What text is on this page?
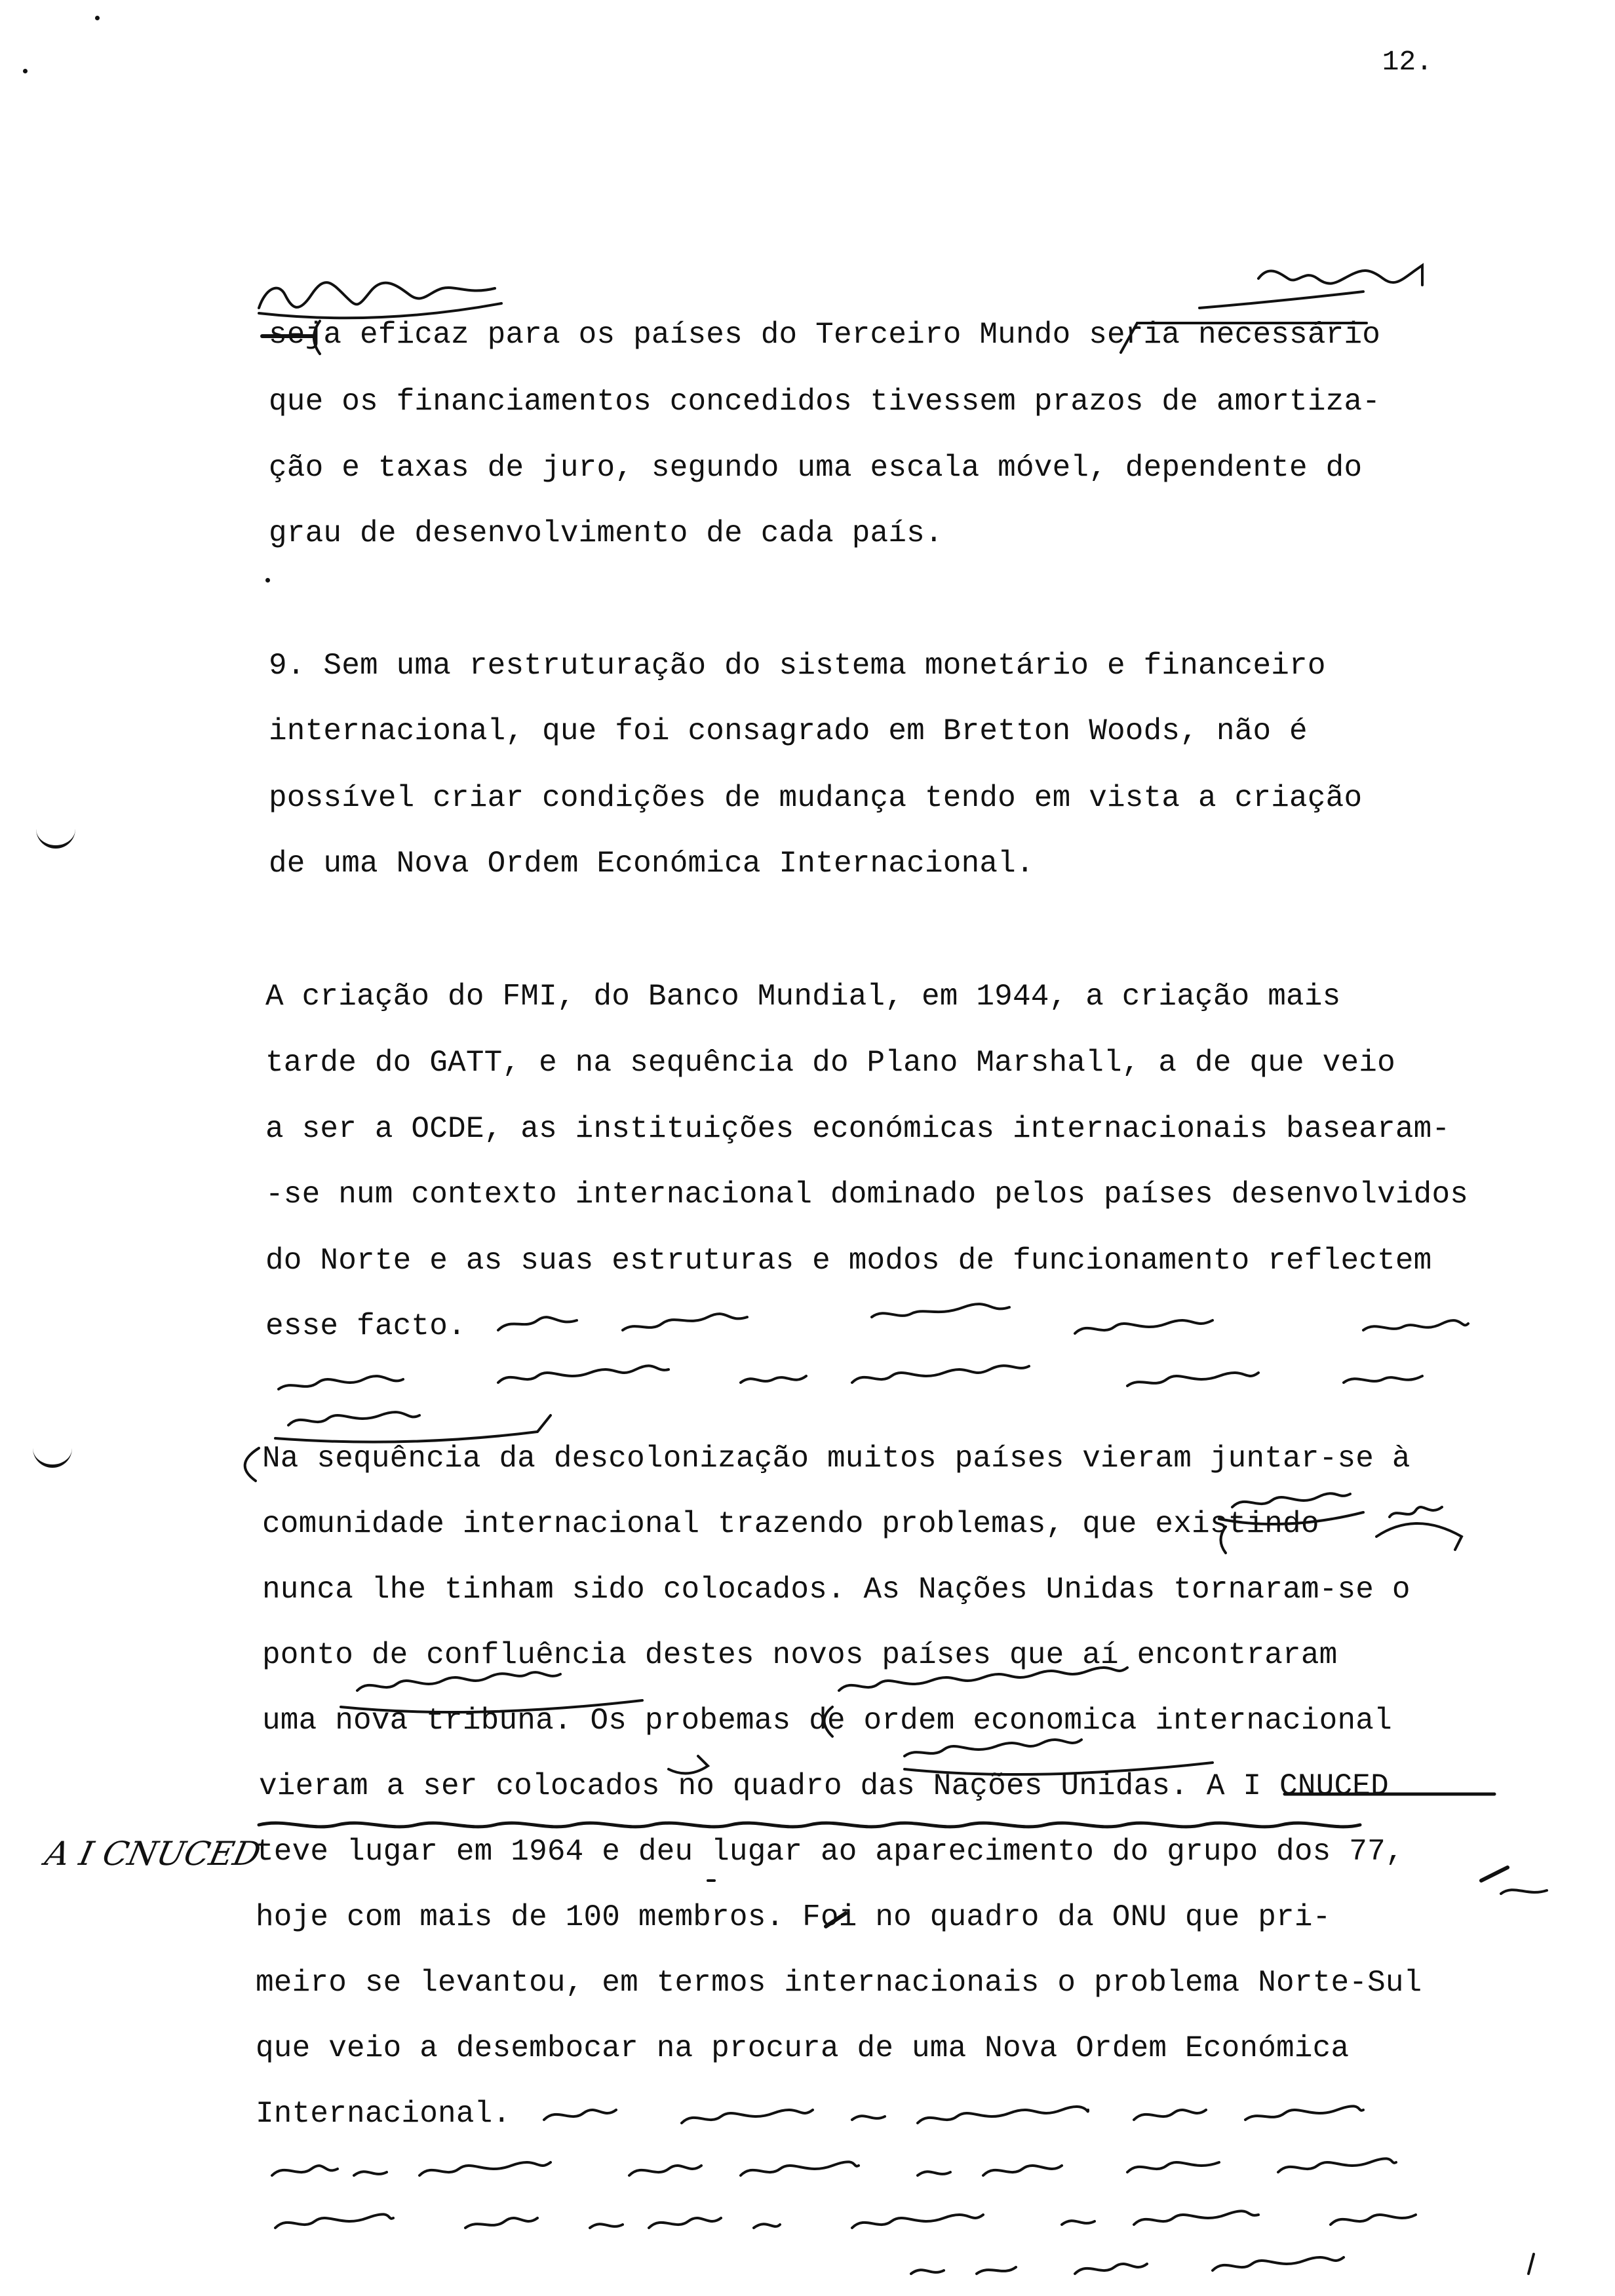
12.
seja eficaz para os países do Terceiro Mundo seria necessário
que os financiamentos concedidos tivessem prazos de amortiza-
ção e taxas de juro, segundo uma escala móvel, dependente do
grau de desenvolvimento de cada país.
9. Sem uma restruturação do sistema monetário e financeiro
internacional, que foi consagrado em Bretton Woods, não é
possível criar condições de mudança tendo em vista a criação
de uma Nova Ordem Económica Internacional.
A criação do FMI, do Banco Mundial, em 1944, a criação mais
tarde do GATT, e na sequência do Plano Marshall, a de que veio
a ser a OCDE, as instituições económicas internacionais basearam-
-se num contexto internacional dominado pelos países desenvolvidos
do Norte e as suas estruturas e modos de funcionamento reflectem
esse facto.
Na sequência da descolonização muitos países vieram juntar-se à
comunidade internacional trazendo problemas, que existindo
nunca lhe tinham sido colocados. As Nações Unidas tornaram-se o
ponto de confluência destes novos países que aí encontraram
uma nova tribuna. Os probemas de ordem economica internacional
vieram a ser colocados no quadro das Nações Unidas. A I CNUCED
teve lugar em 1964 e deu lugar ao aparecimento do grupo dos 77,
hoje com mais de 100 membros. Foi no quadro da ONU que pri-
meiro se levantou, em termos internacionais o problema Norte-Sul
que veio a desembocar na procura de uma Nova Ordem Económica
Internacional.
A I CNUCED
